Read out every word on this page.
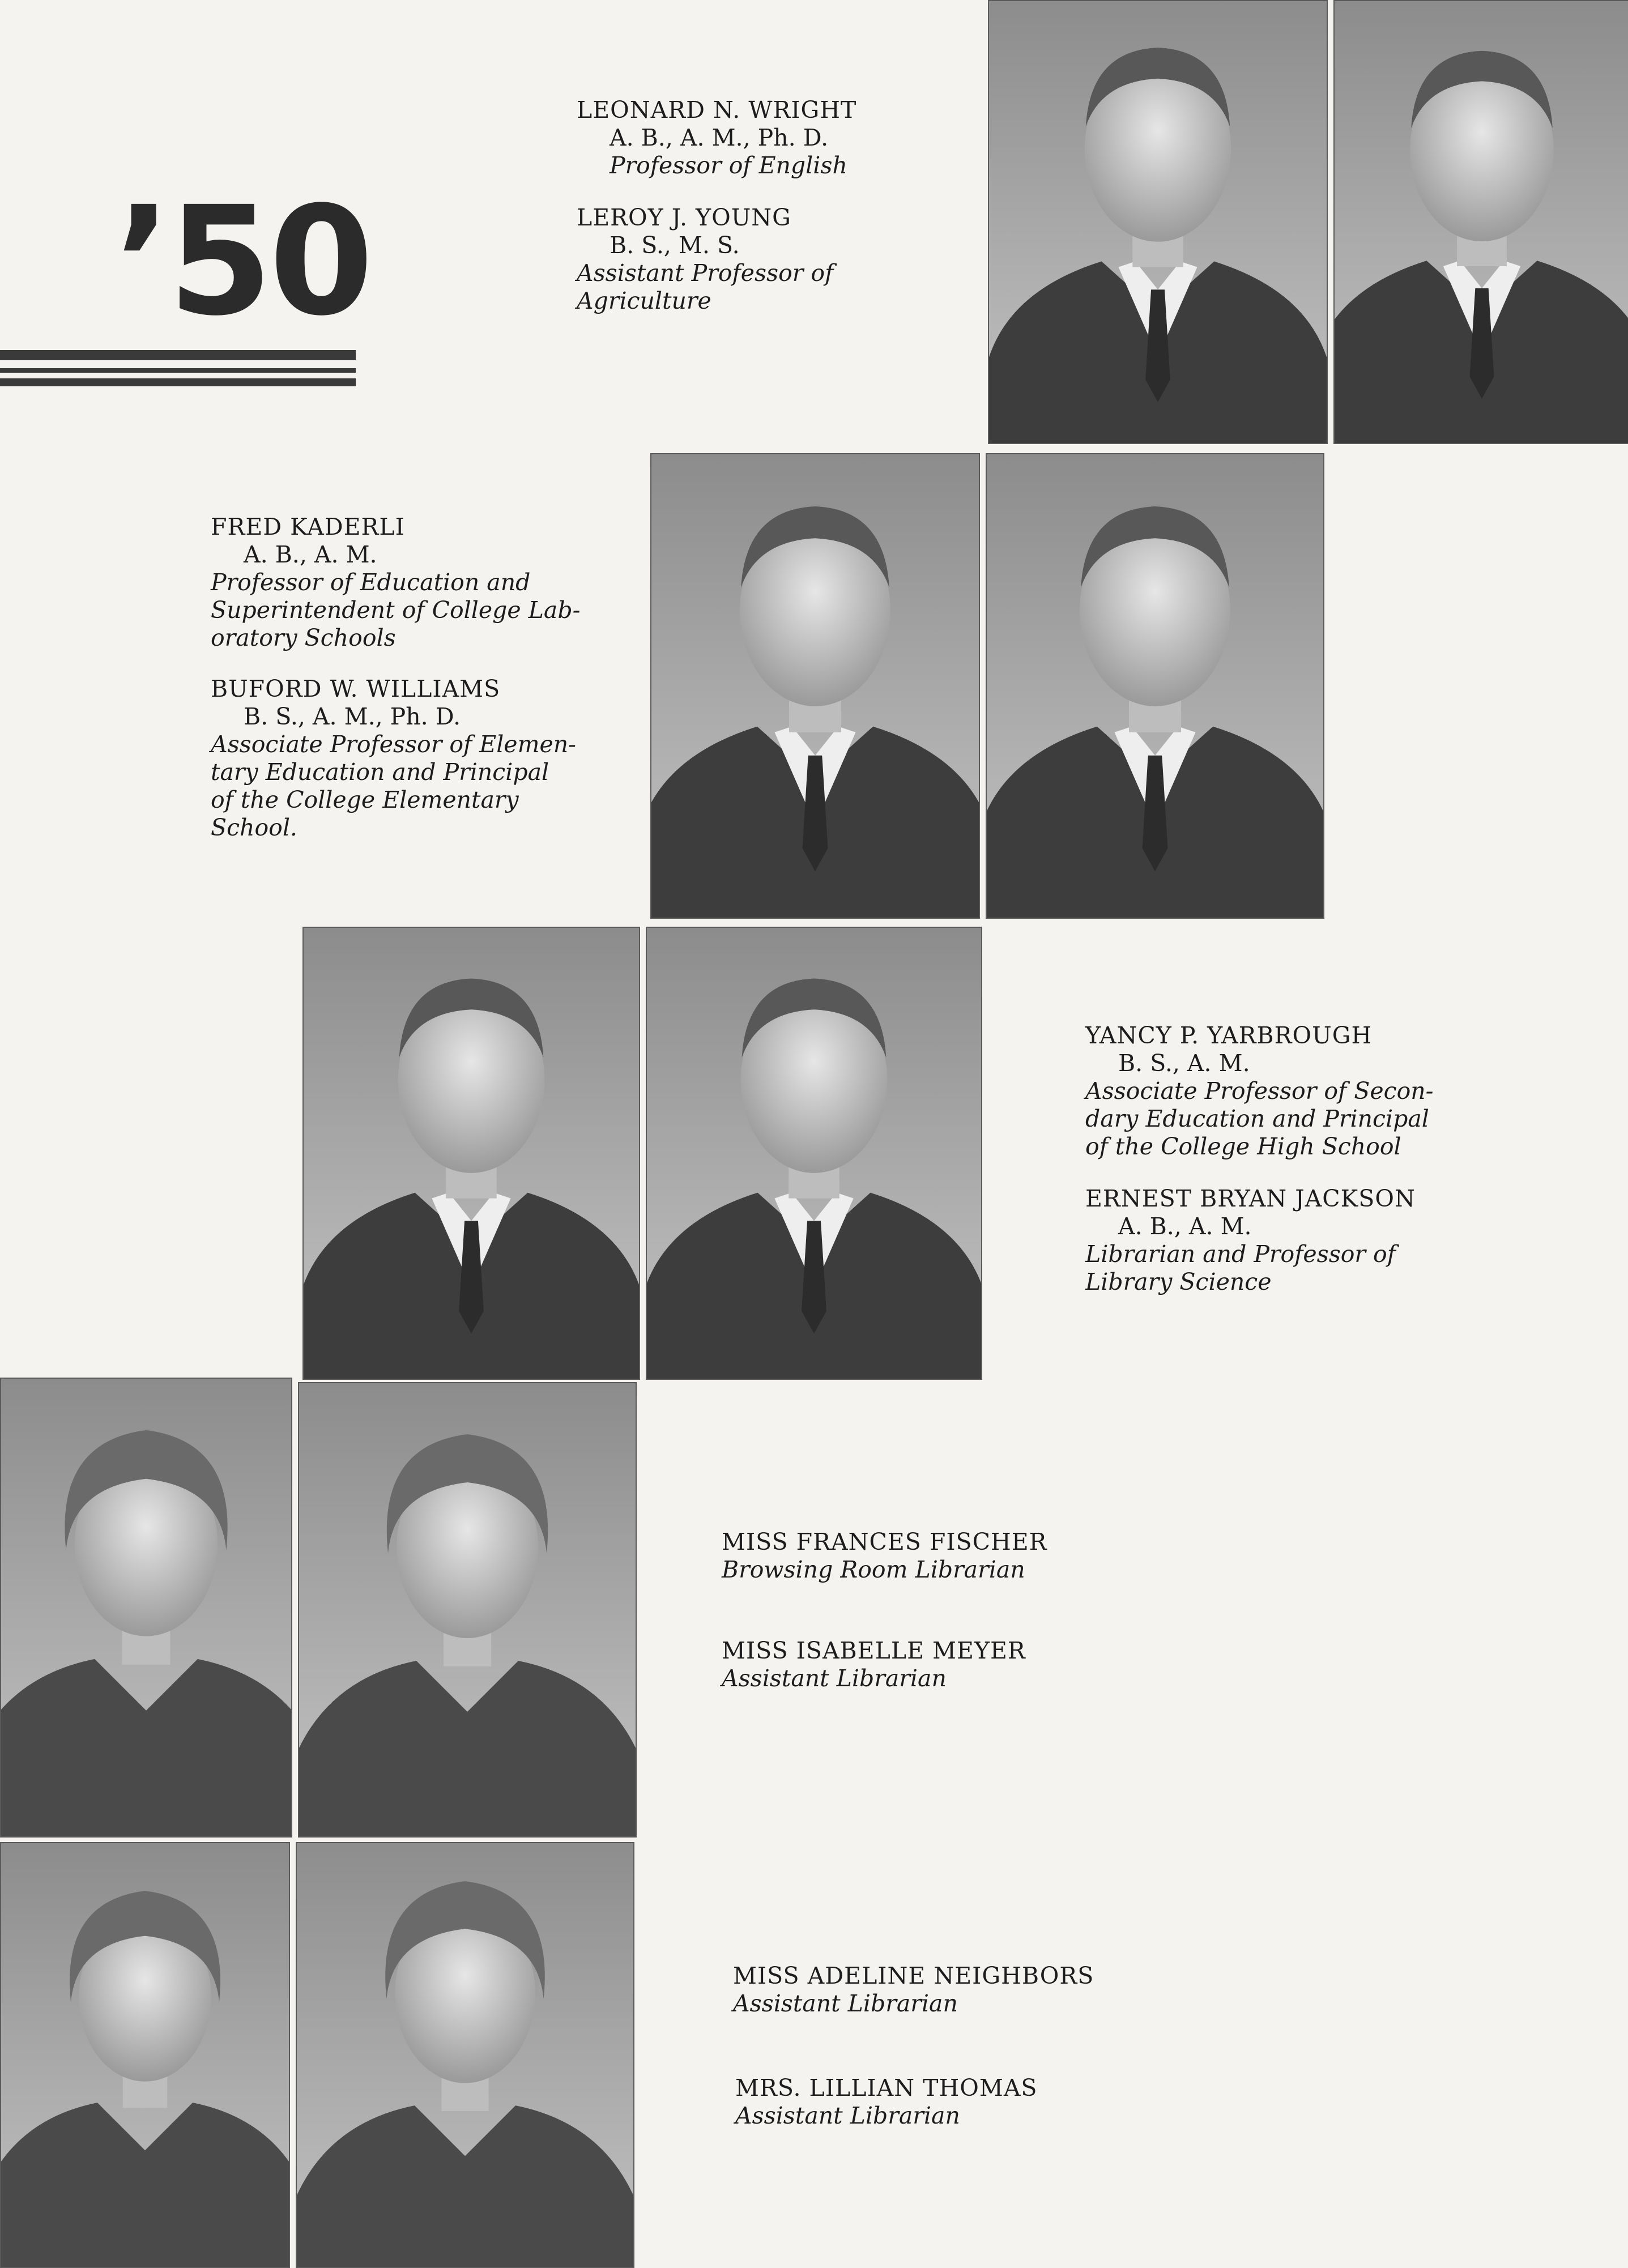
’50
LEONARD N. WRIGHT
A. B., A. M., Ph. D.
Professor of English
LEROY J. YOUNG
B. S., M. S.
Assistant Professor of
Agriculture
FRED KADERLI
A. B., A. M.
Professor of Education and
Superintendent of College Lab-
oratory Schools
BUFORD W. WILLIAMS
B. S., A. M., Ph. D.
Associate Professor of Elemen-
tary Education and Principal
of the College Elementary
School.
YANCY P. YARBROUGH
B. S., A. M.
Associate Professor of Secon-
dary Education and Principal
of the College High School
ERNEST BRYAN JACKSON
A. B., A. M.
Librarian and Professor of
Library Science
MISS FRANCES FISCHER
Browsing Room Librarian
MISS ISABELLE MEYER
Assistant Librarian
MISS ADELINE NEIGHBORS
Assistant Librarian
MRS. LILLIAN THOMAS
Assistant Librarian
